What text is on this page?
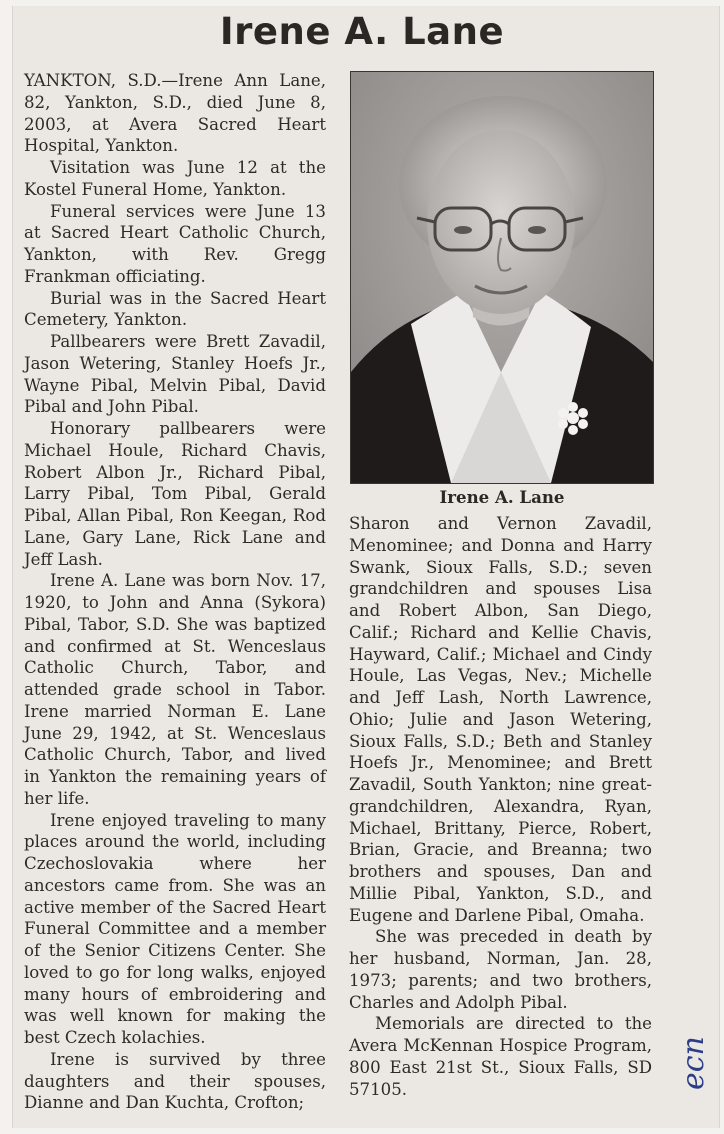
Irene A. Lane

YANKTON, S.D.—Irene Ann Lane, 82, Yankton, S.D., died June 8, 2003, at Avera Sacred Heart Hospital, Yankton.

Visitation was June 12 at the Kostel Funeral Home, Yankton.

Funeral services were June 13 at Sacred Heart Catholic Church, Yankton, with Rev. Gregg Frankman officiating.

Burial was in the Sacred Heart Cemetery, Yankton.

Pallbearers were Brett Zavadil, Jason Wetering, Stanley Hoefs Jr., Wayne Pibal, Melvin Pibal, David Pibal and John Pibal.

Honorary pallbearers were Michael Houle, Richard Chavis, Robert Albon Jr., Richard Pibal, Larry Pibal, Tom Pibal, Gerald Pibal, Allan Pibal, Ron Keegan, Rod Lane, Gary Lane, Rick Lane and Jeff Lash.

Irene A. Lane was born Nov. 17, 1920, to John and Anna (Sykora) Pibal, Tabor, S.D. She was baptized and confirmed at St. Wenceslaus Catholic Church, Tabor, and attended grade school in Tabor. Irene married Norman E. Lane June 29, 1942, at St. Wenceslaus Catholic Church, Tabor, and lived in Yankton the remaining years of her life.

Irene enjoyed traveling to many places around the world, including Czechoslovakia where her ancestors came from. She was an active member of the Sacred Heart Funeral Committee and a member of the Senior Citizens Center. She loved to go for long walks, enjoyed many hours of embroidering and was well known for making the best Czech kolachies.

Irene is survived by three daughters and their spouses, Dianne and Dan Kuchta, Crofton;

Irene A. Lane

Sharon and Vernon Zavadil, Menominee; and Donna and Harry Swank, Sioux Falls, S.D.; seven grandchildren and spouses Lisa and Robert Albon, San Diego, Calif.; Richard and Kellie Chavis, Hayward, Calif.; Michael and Cindy Houle, Las Vegas, Nev.; Michelle and Jeff Lash, North Lawrence, Ohio; Julie and Jason Wetering, Sioux Falls, S.D.; Beth and Stanley Hoefs Jr., Menominee; and Brett Zavadil, South Yankton; nine great-grandchildren, Alexandra, Ryan, Michael, Brittany, Pierce, Robert, Brian, Gracie, and Breanna; two brothers and spouses, Dan and Millie Pibal, Yankton, S.D., and Eugene and Darlene Pibal, Omaha.

She was preceded in death by her husband, Norman, Jan. 28, 1973; parents; and two brothers, Charles and Adolph Pibal.

Memorials are directed to the Avera McKennan Hospice Program, 800 East 21st St., Sioux Falls, SD 57105.	ecn
